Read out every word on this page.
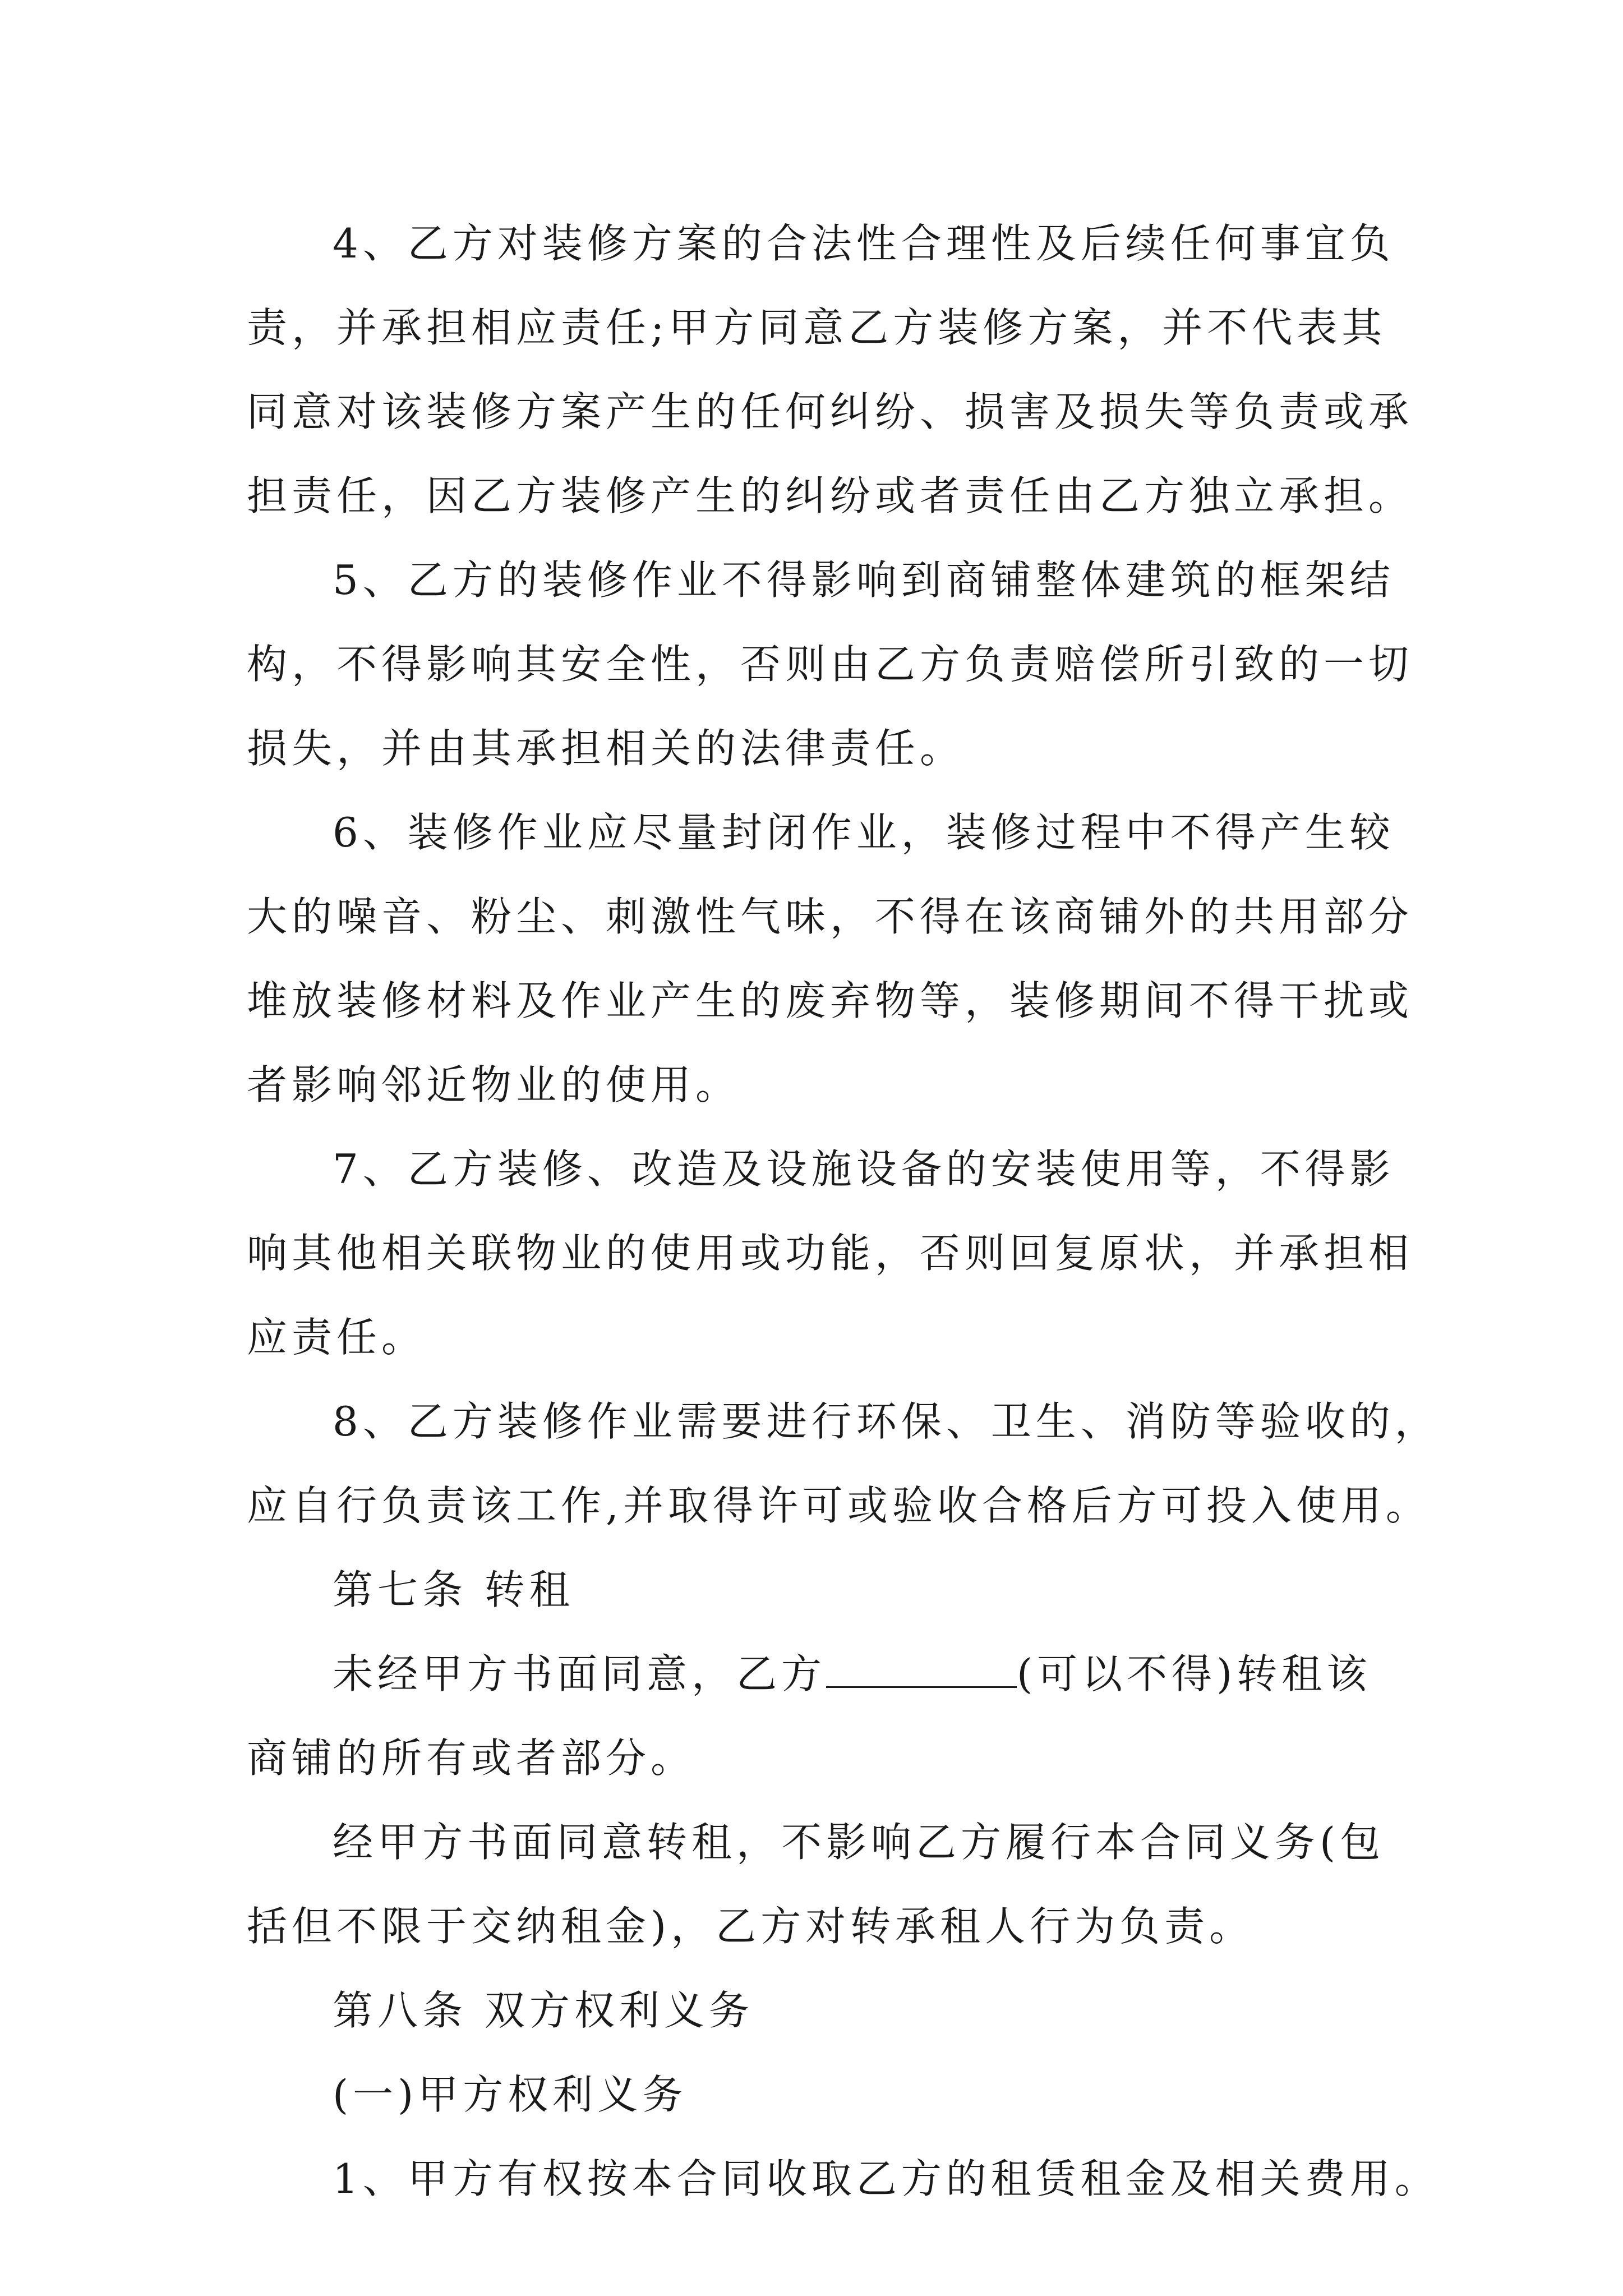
4、乙方对装修方案的合法性合理性及后续任何事宜负
责，并承担相应责任;甲方同意乙方装修方案，并不代表其
同意对该装修方案产生的任何纠纷、损害及损失等负责或承
担责任，因乙方装修产生的纠纷或者责任由乙方独立承担。
5、乙方的装修作业不得影响到商铺整体建筑的框架结
构，不得影响其安全性，否则由乙方负责赔偿所引致的一切
损失，并由其承担相关的法律责任。
6、装修作业应尽量封闭作业，装修过程中不得产生较
大的噪音、粉尘、刺激性气味，不得在该商铺外的共用部分
堆放装修材料及作业产生的废弃物等，装修期间不得干扰或
者影响邻近物业的使用。
7、乙方装修、改造及设施设备的安装使用等，不得影
响其他相关联物业的使用或功能，否则回复原状，并承担相
应责任。
8、乙方装修作业需要进行环保、卫生、消防等验收的，
应自行负责该工作,并取得许可或验收合格后方可投入使用。
第七条 转租
未经甲方书面同意，乙方	(可以不得)转租该
商铺的所有或者部分。
经甲方书面同意转租，不影响乙方履行本合同义务(包
括但不限于交纳租金)，乙方对转承租人行为负责。
第八条 双方权利义务
(一)甲方权利义务
1、甲方有权按本合同收取乙方的租赁租金及相关费用。
